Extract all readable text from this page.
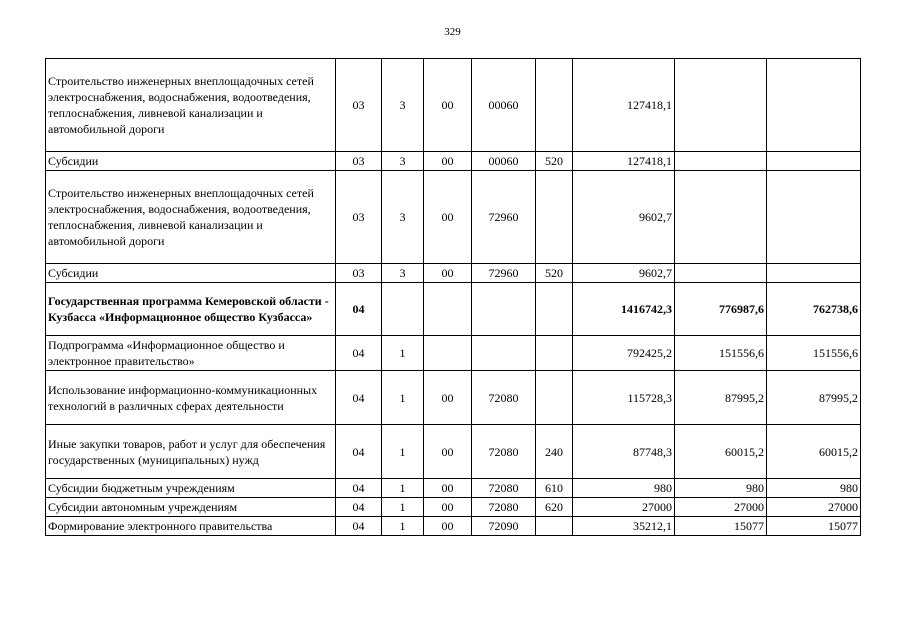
329
Строительство инженерных внеплощадочных сетей электроснабжения, водоснабжения, водоотведения, теплоснабжения, ливневой канализации и автомобильной дороги	03	3	00	00060		127418,1		
Субсидии	03	3	00	00060	520	127418,1		
Строительство инженерных внеплощадочных сетей электроснабжения, водоснабжения, водоотведения, теплоснабжения, ливневой канализации и автомобильной дороги	03	3	00	72960		9602,7		
Субсидии	03	3	00	72960	520	9602,7		
Государственная программа Кемеровской области - Кузбасса «Информационное общество Кузбасса»	04					1416742,3	776987,6	762738,6
Подпрограмма «Информационное общество и электронное правительство»	04	1				792425,2	151556,6	151556,6
Использование информационно-коммуникационных технологий в различных сферах деятельности	04	1	00	72080		115728,3	87995,2	87995,2
Иные закупки товаров, работ и услуг для обеспечения государственных (муниципальных) нужд	04	1	00	72080	240	87748,3	60015,2	60015,2
Субсидии бюджетным учреждениям	04	1	00	72080	610	980	980	980
Субсидии автономным учреждениям	04	1	00	72080	620	27000	27000	27000
Формирование электронного правительства	04	1	00	72090		35212,1	15077	15077
